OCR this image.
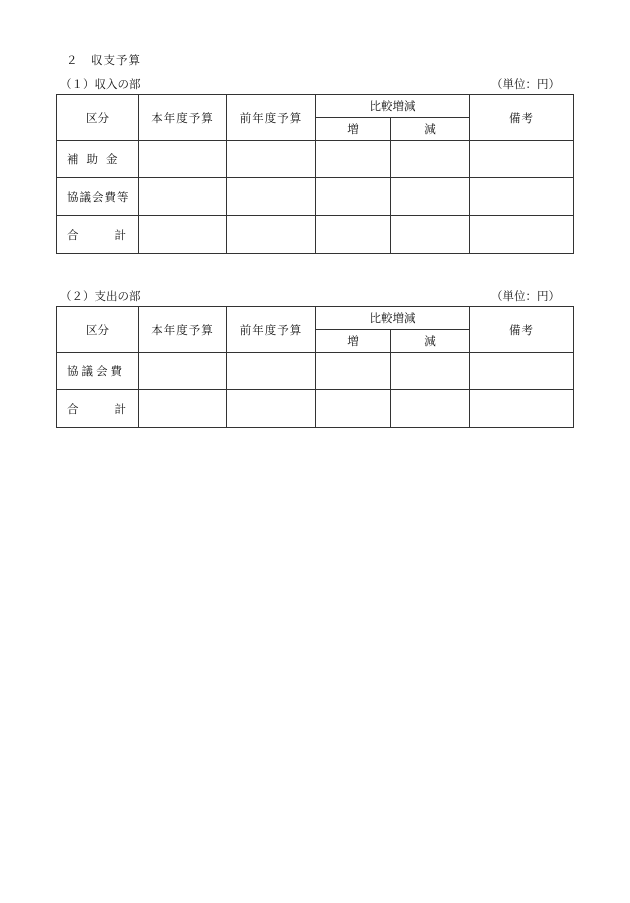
２　収支予算
（１）収入の部	（単位：円）
区分	本年度予算	前年度予算	比較増減		備考
			増	減	
補助金					
協議会費等					

合 計					

（２）支出の部	（単位：円）
区分	本年度予算	前年度予算	比較増減		備考
			増	減	
協議会費					

合 計					
